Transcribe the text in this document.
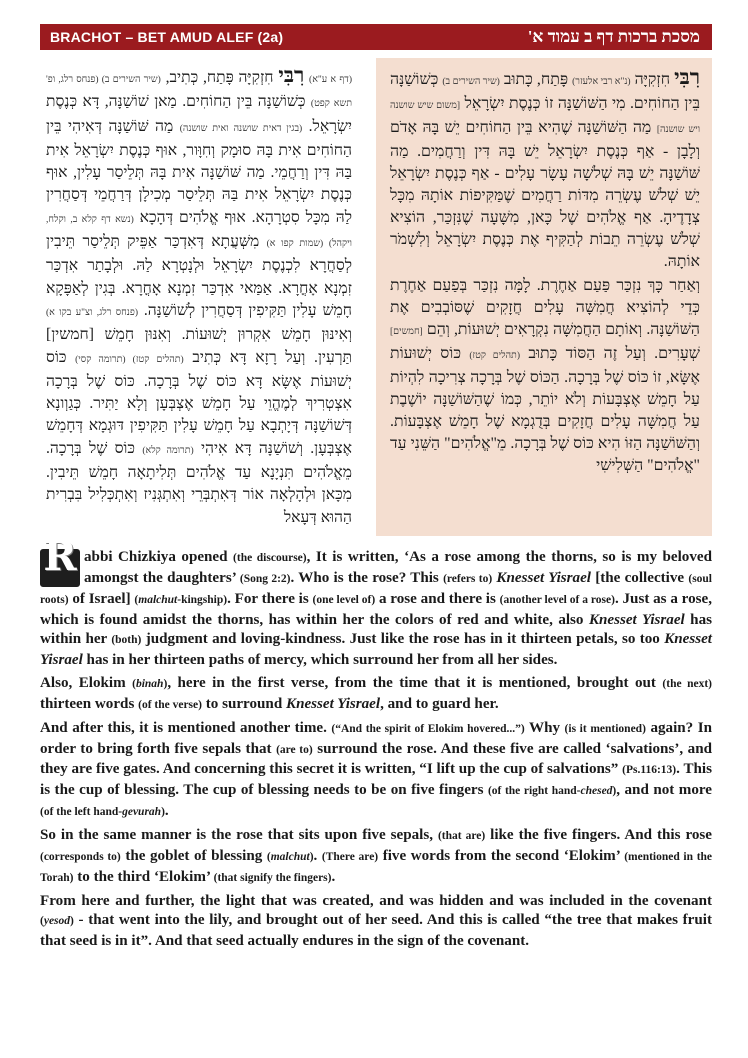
BRACHOT – BET AMUD ALEF (2a)	מסכת ברכות דף ב עמוד א'
(דף א ע"א) רִבִּי חִזְקִיָּה פָּתַח, כְּתִיב, (שיר השירים ב) (פנחס רלג, ופ' תשא קפט) כְּשׁוֹשַׁנָּה בֵּין הַחוֹחִים. מַאן שׁוֹשַׁנָּה, דָּא כְּנֶסֶת יִשְׂרָאֵל. (בגין דאית שושנה ואית שושנה) מַה שּׁוֹשַׁנָּה דְּאִיהִי בֵּין הַחוֹחִים אִית בָּהּ סוּמָק וְחִוָּור, אוּף כְּנֶסֶת יִשְׂרָאֵל אִית בַּהּ דִּין וְרַחֲמֵי. מַה שּׁוֹשַׁנָּה אִית בָּהּ תְּלֵיסַר עָלִין, אוּף כְּנֶסֶת יִשְׂרָאֵל אִית בַּהּ תְּלֵיסַר מְכִילָן דְּרַחֲמֵי דְּסַחֲרִין לַהּ מִכָּל סִטְרָהָא. אוּף אֱלֹהִים דְּהָכָא (נשא דף קלא ב, וקלח, ויקהל) (שמות קפו א) מִשְּׁעֲתָא דְּאִדְכַּר אַפֵּיק תְּלֵיסַר תֵּיבִין לְסַחֲרָא לִכְנֶסֶת יִשְׂרָאֵל וּלְנָטְרָא לַהּ. וּלְבָתַר אִדְכַּר זִמְנָא אָחֳרָא. אַמַּאי אִדְכַּר זִמְנָא אָחֳרָא. בְּגִין לְאַפָּקָא חָמֵשׁ עָלִין תַּקִּיפִין דְּסַחֲרִין לְשׁוֹשַׁנָּה. (פנחס רלג, וצ"ע בקו א) וְאִינּוּן חָמֵשׁ אִקְרוּן יְשׁוּעוֹת. וְאִנּוּן חָמֵשׁ [חמשין] תַּרְעִין. וְעַל רָזָא דָּא כְּתִיב (תהלים קטז) (תרומה קסי) כּוֹס יְשׁוּעוֹת אֶשָּׂא דָּא כּוֹס שֶׁל בְּרָכָה. כּוֹס שֶׁל בְּרָכָה אִצְטְרִיךְ לְמֶהֱוֵי עַל חָמֵשׁ אֶצְבְּעָן וְלָא יַתִּיר. כְּגַוְונָא דְּשׁוֹשַׁנָּה דְּיָתְבָא עַל חָמֵשׁ עָלִין תַּקִּיפִין דּוּגְמָא דְּחָמֵשׁ אֶצְבְּעָן. וְשׁוֹשַׁנָּה דָּא אִיהִי (תרומה קלא) כּוֹס שֶׁל בְּרָכָה. מֵאֱלֹהִים תִּנְיָנָא עַד אֱלֹהִים תְּלִיתָאָה חָמֵשׁ תֵּיבִין. מִכָּאן וּלְהָלְאָה אוֹר דְּאִתְבְּרֵי וְאִתְגְּנִיז וְאִתְכְּלִיל בִּבְרִית הַהוּא דְּעָאל

רִבִּי חִזְקִיָּה (נ"א רבי אלעזר) פָּתַח, כָּתוּב (שיר השירים ב) כְּשׁוֹשַׁנָּה בֵּין הַחוֹחִים. מִי הַשּׁוֹשַׁנָּה זוֹ כְּנֶסֶת יִשְׂרָאֵל [משום שיש שושנה ויש שושנה] מַה הַשּׁוֹשַׁנָּה שֶׁהִיא בֵּין הַחוֹחִים יֵשׁ בָּהּ אָדֹם וְלָבָן - אַף כְּנֶסֶת יִשְׂרָאֵל יֵשׁ בָּהּ דִּין וְרַחֲמִים. מַה שּׁוֹשַׁנָּה יֵשׁ בָּהּ שְׁלֹשָׁה עָשָׂר עָלִים - אַף כְּנֶסֶת יִשְׂרָאֵל יֵשׁ שְׁלֹשׁ עֶשְׂרֵה מִדּוֹת רַחֲמִים שֶׁמַּקִּיפוֹת אוֹתָהּ מִכָּל צְדָדֶיהָ. אַף אֱלֹהִים שֶׁל כָּאן, מִשָּׁעָה שֶׁנִּזְכַּר, הוֹצִיא שְׁלֹשׁ עֶשְׂרֵה תֵבוֹת לְהַקִּיף אֶת כְּנֶסֶת יִשְׂרָאֵל וְלִשְׁמֹר אוֹתָהּ.

וְאַחַר כָּךְ נִזְכַּר פַּעַם אַחֶרֶת. לָמָּה נִזְכַּר בְּפַעַם אַחֶרֶת כְּדֵי לְהוֹצִיא חֲמִשָּׁה עָלִים חֲזָקִים שֶׁסּוֹבְבִים אֶת הַשּׁוֹשַׁנָּה. וְאוֹתָם הַחֲמִשָּׁה נִקְרָאִים יְשׁוּעוֹת, וְהֵם [חמשים] שְׁעָרִים. וְעַל זֶה הַסּוֹד כָּתוּב (תהלים קטז) כּוֹס יְשׁוּעוֹת אֶשָּׂא, זוֹ כּוֹס שֶׁל בְּרָכָה. הַכּוֹס שֶׁל בְּרָכָה צְרִיכָה לִהְיוֹת עַל חָמֵשׁ אֶצְבָּעוֹת וְלֹא יוֹתֵר, כְּמוֹ שֶׁהַשּׁוֹשַׁנָּה יוֹשֶׁבֶת עַל חֲמִשָּׁה עָלִים חֲזָקִים בְּדֻגְמָא שֶׁל חָמֵשׁ אֶצְבָּעוֹת. וְהַשּׁוֹשַׁנָּה הַזּוֹ הִיא כּוֹס שֶׁל בְּרָכָה. מֵ"אֱלֹהִים" הַשֵּׁנִי עַד "אֱלֹהִים" הַשְּׁלִישִׁי

R abbi Chizkiya opened (the discourse), It is written, ‘As a rose among the thorns, so is my beloved amongst the daughters’ (Song 2:2). Who is the rose? This (refers to) Knesset Yisrael [the collective (soul roots) of Israel] (malchut-kingship). For there is (one level of) a rose and there is (another level of a rose). Just as a rose, which is found amidst the thorns, has within her the colors of red and white, also Knesset Yisrael has within her (both) judgment and loving-kindness. Just like the rose has in it thirteen petals, so too Knesset Yisrael has in her thirteen paths of mercy, which surround her from all her sides.

Also, Elokim (binah), here in the first verse, from the time that it is mentioned, brought out (the next) thirteen words (of the verse) to surround Knesset Yisrael, and to guard her.

And after this, it is mentioned another time. (“And the spirit of Elokim hovered...”) Why (is it mentioned) again? In order to bring forth five sepals that (are to) surround the rose. And these five are called ‘salvations’, and they are five gates. And concerning this secret it is written, “I lift up the cup of salvations” (Ps.116:13). This is the cup of blessing. The cup of blessing needs to be on five fingers (of the right hand-chesed), and not more (of the left hand-gevurah).

So in the same manner is the rose that sits upon five sepals, (that are) like the five fingers. And this rose (corresponds to) the goblet of blessing (malchut). (There are) five words from the second ‘Elokim’ (mentioned in the Torah) to the third ‘Elokim’ (that signify the fingers).

From here and further, the light that was created, and was hidden and was included in the covenant (yesod) - that went into the lily, and brought out of her seed. And this is called “the tree that makes fruit that seed is in it”. And that seed actually endures in the sign of the covenant.
